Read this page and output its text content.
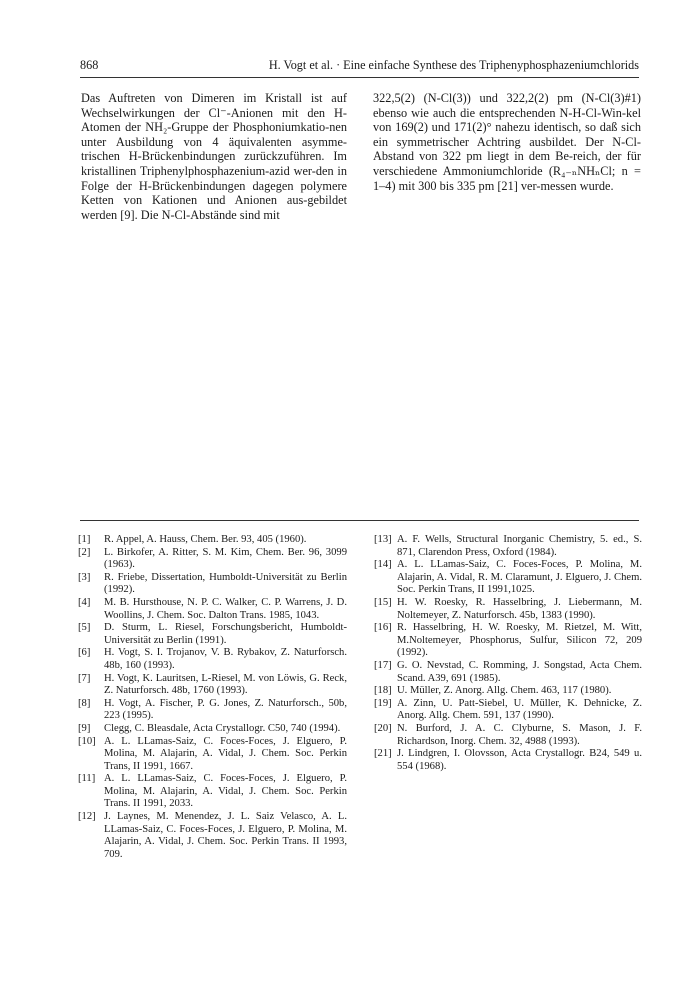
868	H. Vogt et al. · Eine einfache Synthese des Triphenyphosphazeniumchlorids

Das Auftreten von Dimeren im Kristall ist auf Wechselwirkungen der Cl⁻-Anionen mit den H-Atomen der NH₂-Gruppe der Phosphoniumkatio-nen unter Ausbildung von 4 äquivalenten asymme-trischen H-Brückenbindungen zurückzuführen. Im kristallinen Triphenylphosphazenium-azid wer-den in Folge der H-Brückenbindungen dagegen polymere Ketten von Kationen und Anionen aus-gebildet werden [9]. Die N-Cl-Abstände sind mit

322,5(2) (N-Cl(3)) und 322,2(2) pm (N-Cl(3)#1) ebenso wie auch die entsprechenden N-H-Cl-Win-kel von 169(2) und 171(2)° nahezu identisch, so daß sich ein symmetrischer Achtring ausbildet. Der N-Cl-Abstand von 322 pm liegt in dem Be-reich, der für verschiedene Ammoniumchloride (R₄₋ₙNHₙCl; n = 1–4) mit 300 bis 335 pm [21] ver-messen wurde.

[1]	R. Appel, A. Hauss, Chem. Ber. 93, 405 (1960).
[2]	L. Birkofer, A. Ritter, S. M. Kim, Chem. Ber. 96, 3099 (1963).
[3]	R. Friebe, Dissertation, Humboldt-Universität zu Berlin (1992).
[4]	M. B. Hursthouse, N. P. C. Walker, C. P. Warrens, J. D. Woollins, J. Chem. Soc. Dalton Trans. 1985, 1043.
[5]	D. Sturm, L. Riesel, Forschungsbericht, Humboldt-Universität zu Berlin (1991).
[6]	H. Vogt, S. I. Trojanov, V. B. Rybakov, Z. Naturforsch. 48b, 160 (1993).
[7]	H. Vogt, K. Lauritsen, L-Riesel, M. von Löwis, G. Reck, Z. Naturforsch. 48b, 1760 (1993).
[8]	H. Vogt, A. Fischer, P. G. Jones, Z. Naturforsch., 50b, 223 (1995).
[9]	Clegg, C. Bleasdale, Acta Crystallogr. C50, 740 (1994).
[10] A. L. LLamas-Saiz, C. Foces-Foces, J. Elguero, P. Molina, M. Alajarin, A. Vidal, J. Chem. Soc. Perkin Trans, II 1991, 1667.
[11] A. L. LLamas-Saiz, C. Foces-Foces, J. Elguero, P. Molina, M. Alajarin, A. Vidal, J. Chem. Soc. Perkin Trans. II 1991, 2033.
[12] J. Laynes, M. Menendez, J. L. Saiz Velasco, A. L. LLamas-Saiz, C. Foces-Foces, J. Elguero, P. Molina, M. Alajarin, A. Vidal, J. Chem. Soc. Perkin Trans. II 1993, 709.
[13] A. F. Wells, Structural Inorganic Chemistry, 5. ed., S. 871, Clarendon Press, Oxford (1984).
[14] A. L. LLamas-Saiz, C. Foces-Foces, P. Molina, M. Alajarin, A. Vidal, R. M. Claramunt, J. Elguero, J. Chem. Soc. Perkin Trans, II 1991,1025.
[15] H. W. Roesky, R. Hasselbring, J. Liebermann, M. Noltemeyer, Z. Naturforsch. 45b, 1383 (1990).
[16] R. Hasselbring, H. W. Roesky, M. Rietzel, M. Witt, M.Noltemeyer, Phosphorus, Sulfur, Silicon 72, 209 (1992).
[17] G. O. Nevstad, C. Romming, J. Songstad, Acta Chem. Scand. A39, 691 (1985).
[18] U. Müller, Z. Anorg. Allg. Chem. 463, 117 (1980).
[19] A. Zinn, U. Patt-Siebel, U. Müller, K. Dehnicke, Z. Anorg. Allg. Chem. 591, 137 (1990).
[20] N. Burford, J. A. C. Clyburne, S. Mason, J. F. Richardson, Inorg. Chem. 32, 4988 (1993).
[21] J. Lindgren, I. Olovsson, Acta Crystallogr. B24, 549 u. 554 (1968).
